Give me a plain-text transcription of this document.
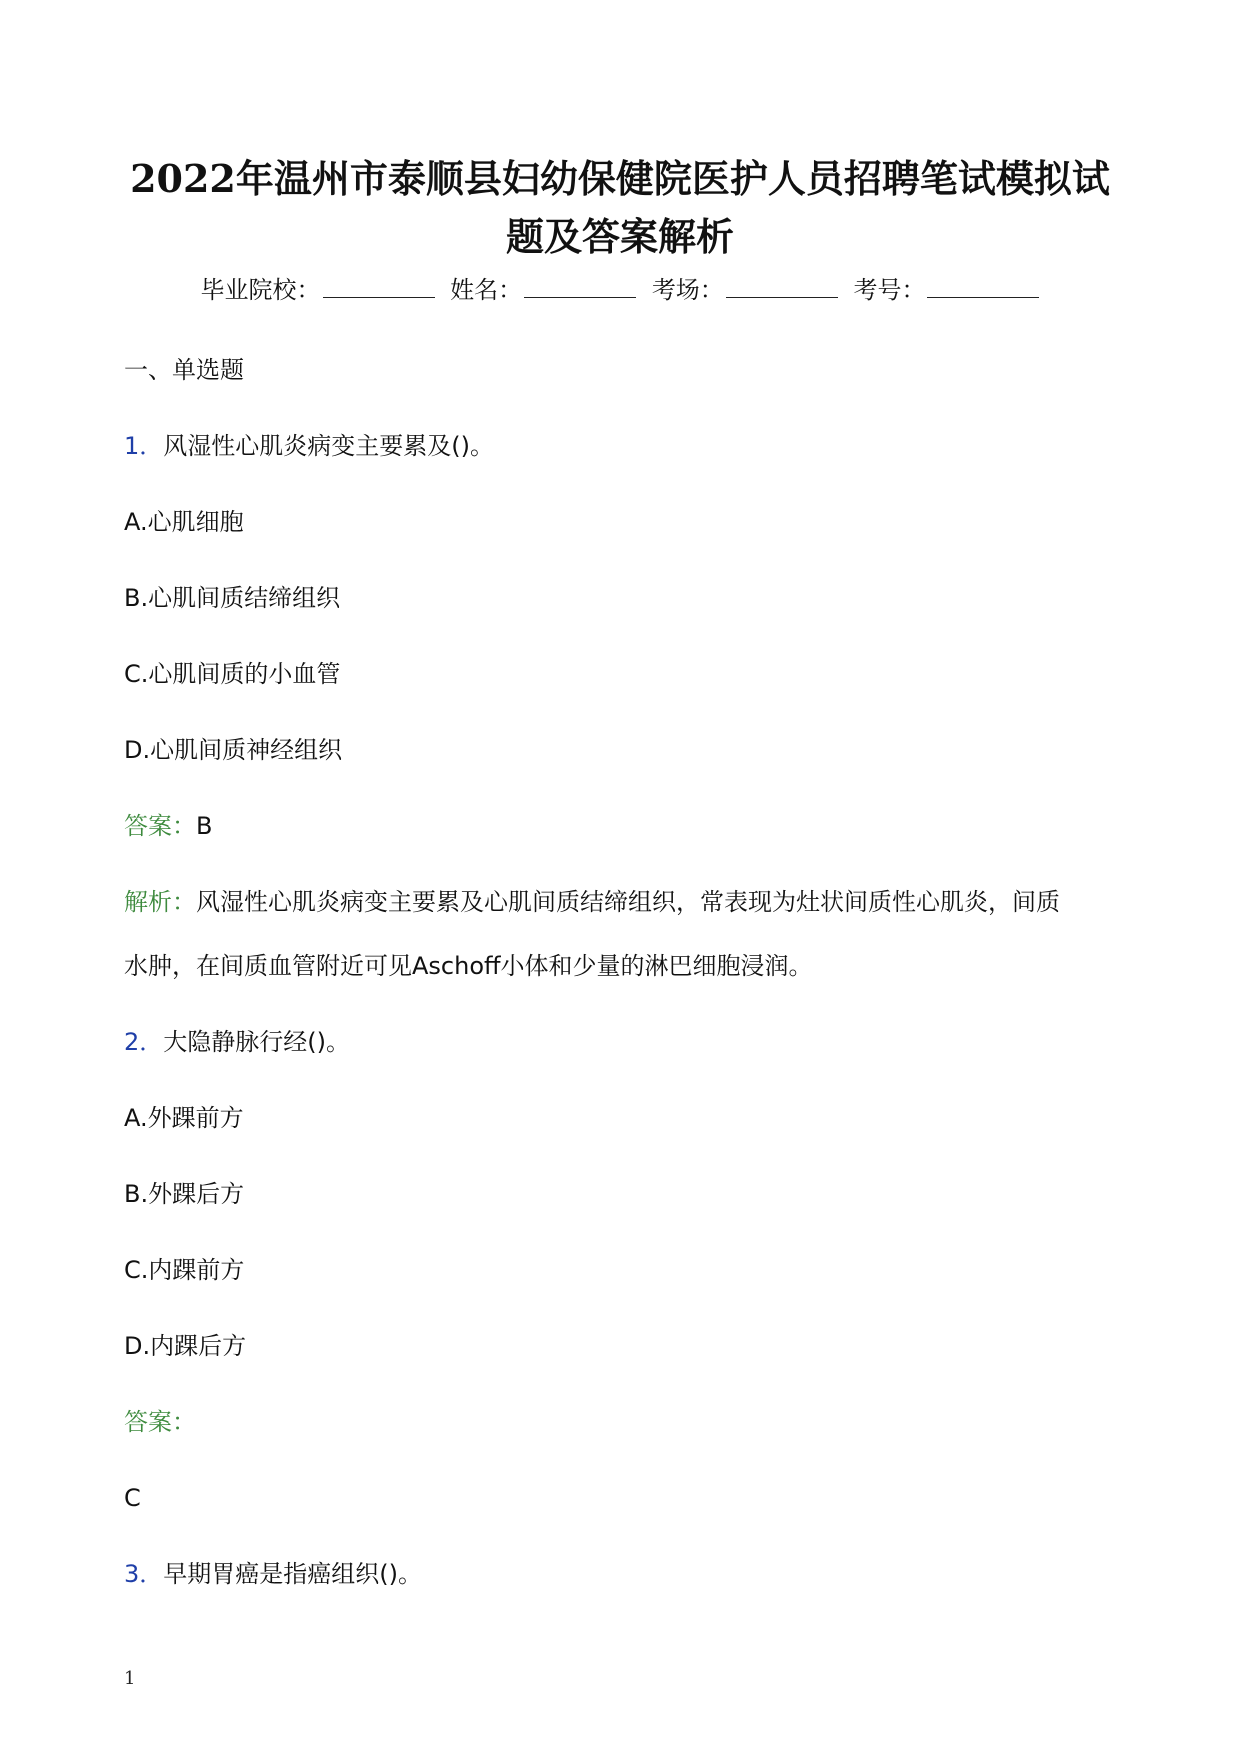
2022年温州市泰顺县妇幼保健院医护人员招聘笔试模拟试
题及答案解析
毕业院校：	姓名：	考场：	考号：
一、单选题
1．风湿性心肌炎病变主要累及()。
A.心肌细胞
B.心肌间质结缔组织
C.心肌间质的小血管
D.心肌间质神经组织
答案：B
解析：风湿性心肌炎病变主要累及心肌间质结缔组织，常表现为灶状间质性心肌炎，间质
水肿，在间质血管附近可见Aschoff小体和少量的淋巴细胞浸润。
2．大隐静脉行经()。
A.外踝前方
B.外踝后方
C.内踝前方
D.内踝后方
答案：
C
3．早期胃癌是指癌组织()。
1
